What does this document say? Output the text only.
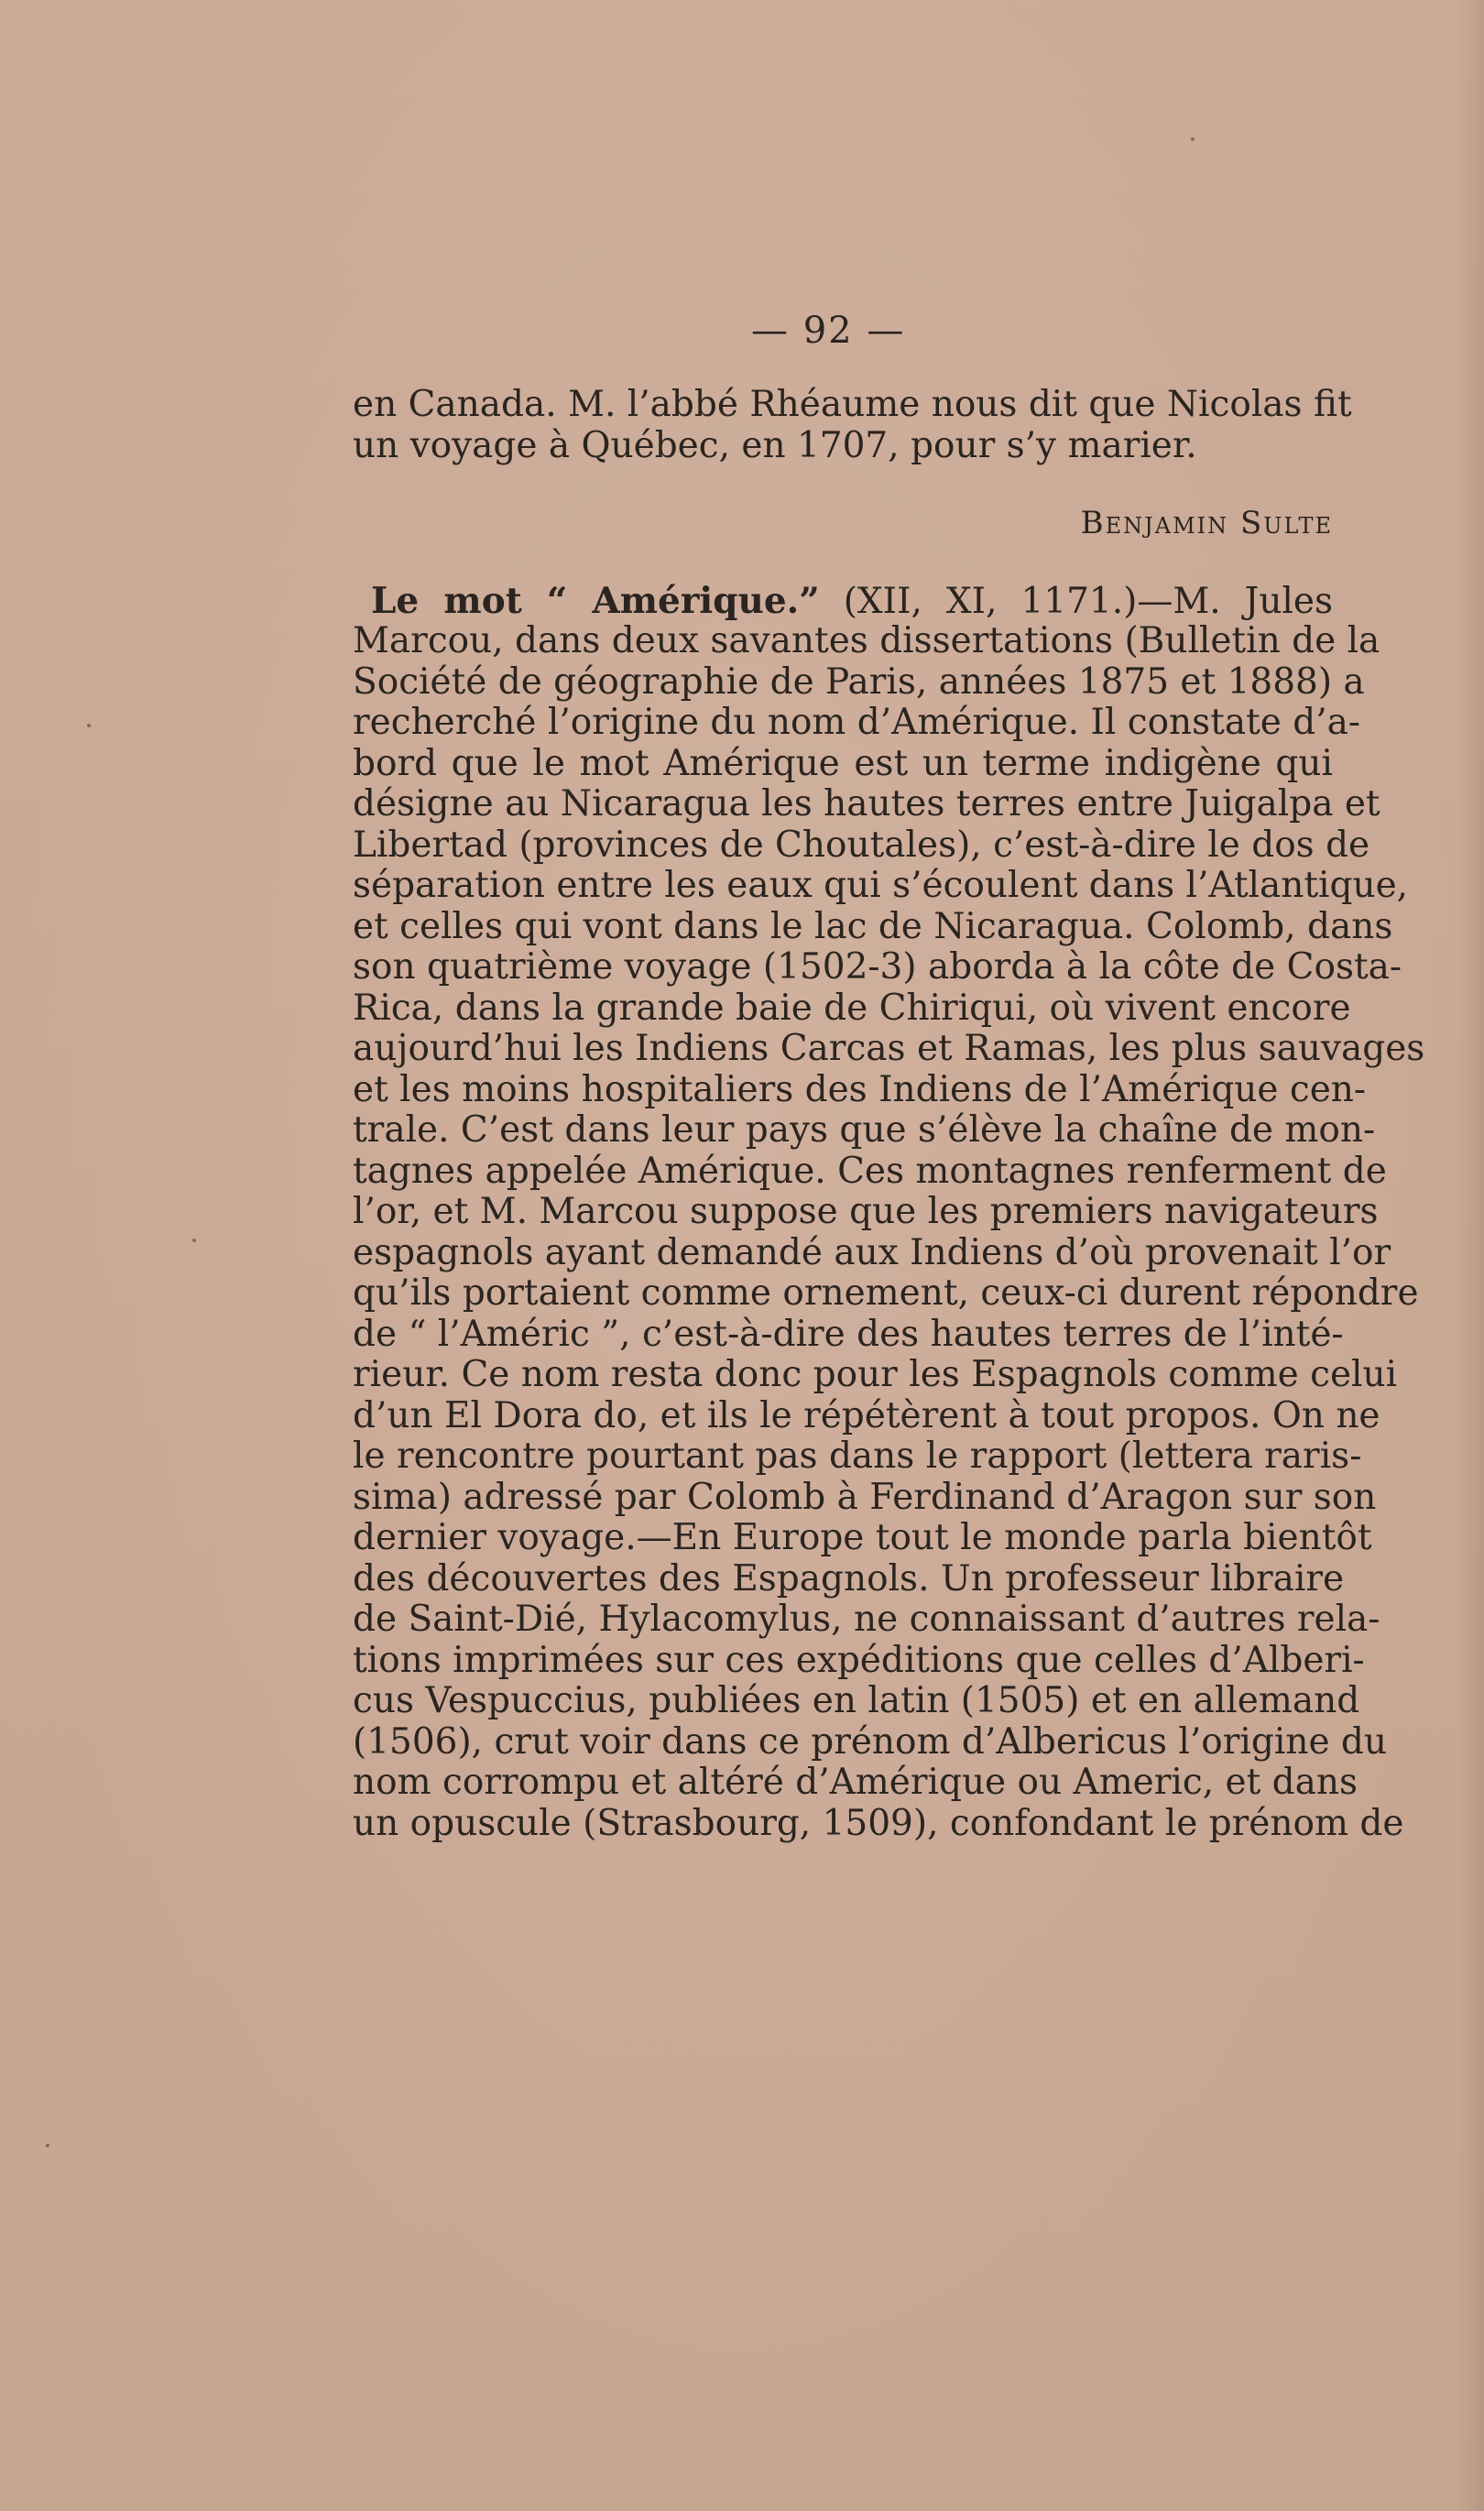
— 92 —
en Canada. M. l’abbé Rhéaume nous dit que Nicolas fit
un voyage à Québec, en 1707, pour s’y marier.
Benjamin Sulte
Le mot “ Amérique.” (XII, XI, 1171.)—M. Jules
Marcou, dans deux savantes dissertations (Bulletin de la
Société de géographie de Paris, années 1875 et 1888) a
recherché l’origine du nom d’Amérique. Il constate d’a-
bord que le mot Amérique est un terme indigène qui
désigne au Nicaragua les hautes terres entre Juigalpa et
Libertad (provinces de Choutales), c’est-à-dire le dos de
séparation entre les eaux qui s’écoulent dans l’Atlantique,
et celles qui vont dans le lac de Nicaragua. Colomb, dans
son quatrième voyage (1502-3) aborda à la côte de Costa-
Rica, dans la grande baie de Chiriqui, où vivent encore
aujourd’hui les Indiens Carcas et Ramas, les plus sauvages
et les moins hospitaliers des Indiens de l’Amérique cen-
trale. C’est dans leur pays que s’élève la chaîne de mon-
tagnes appelée Amérique. Ces montagnes renferment de
l’or, et M. Marcou suppose que les premiers navigateurs
espagnols ayant demandé aux Indiens d’où provenait l’or
qu’ils portaient comme ornement, ceux-ci durent répondre
de “ l’Améric ”, c’est-à-dire des hautes terres de l’inté-
rieur. Ce nom resta donc pour les Espagnols comme celui
d’un El Dora do, et ils le répétèrent à tout propos. On ne
le rencontre pourtant pas dans le rapport (lettera raris-
sima) adressé par Colomb à Ferdinand d’Aragon sur son
dernier voyage.—En Europe tout le monde parla bientôt
des découvertes des Espagnols. Un professeur libraire
de Saint-Dié, Hylacomylus, ne connaissant d’autres rela-
tions imprimées sur ces expéditions que celles d’Alberi-
cus Vespuccius, publiées en latin (1505) et en allemand
(1506), crut voir dans ce prénom d’Albericus l’origine du
nom corrompu et altéré d’Amérique ou Americ, et dans
un opuscule (Strasbourg, 1509), confondant le prénom de
